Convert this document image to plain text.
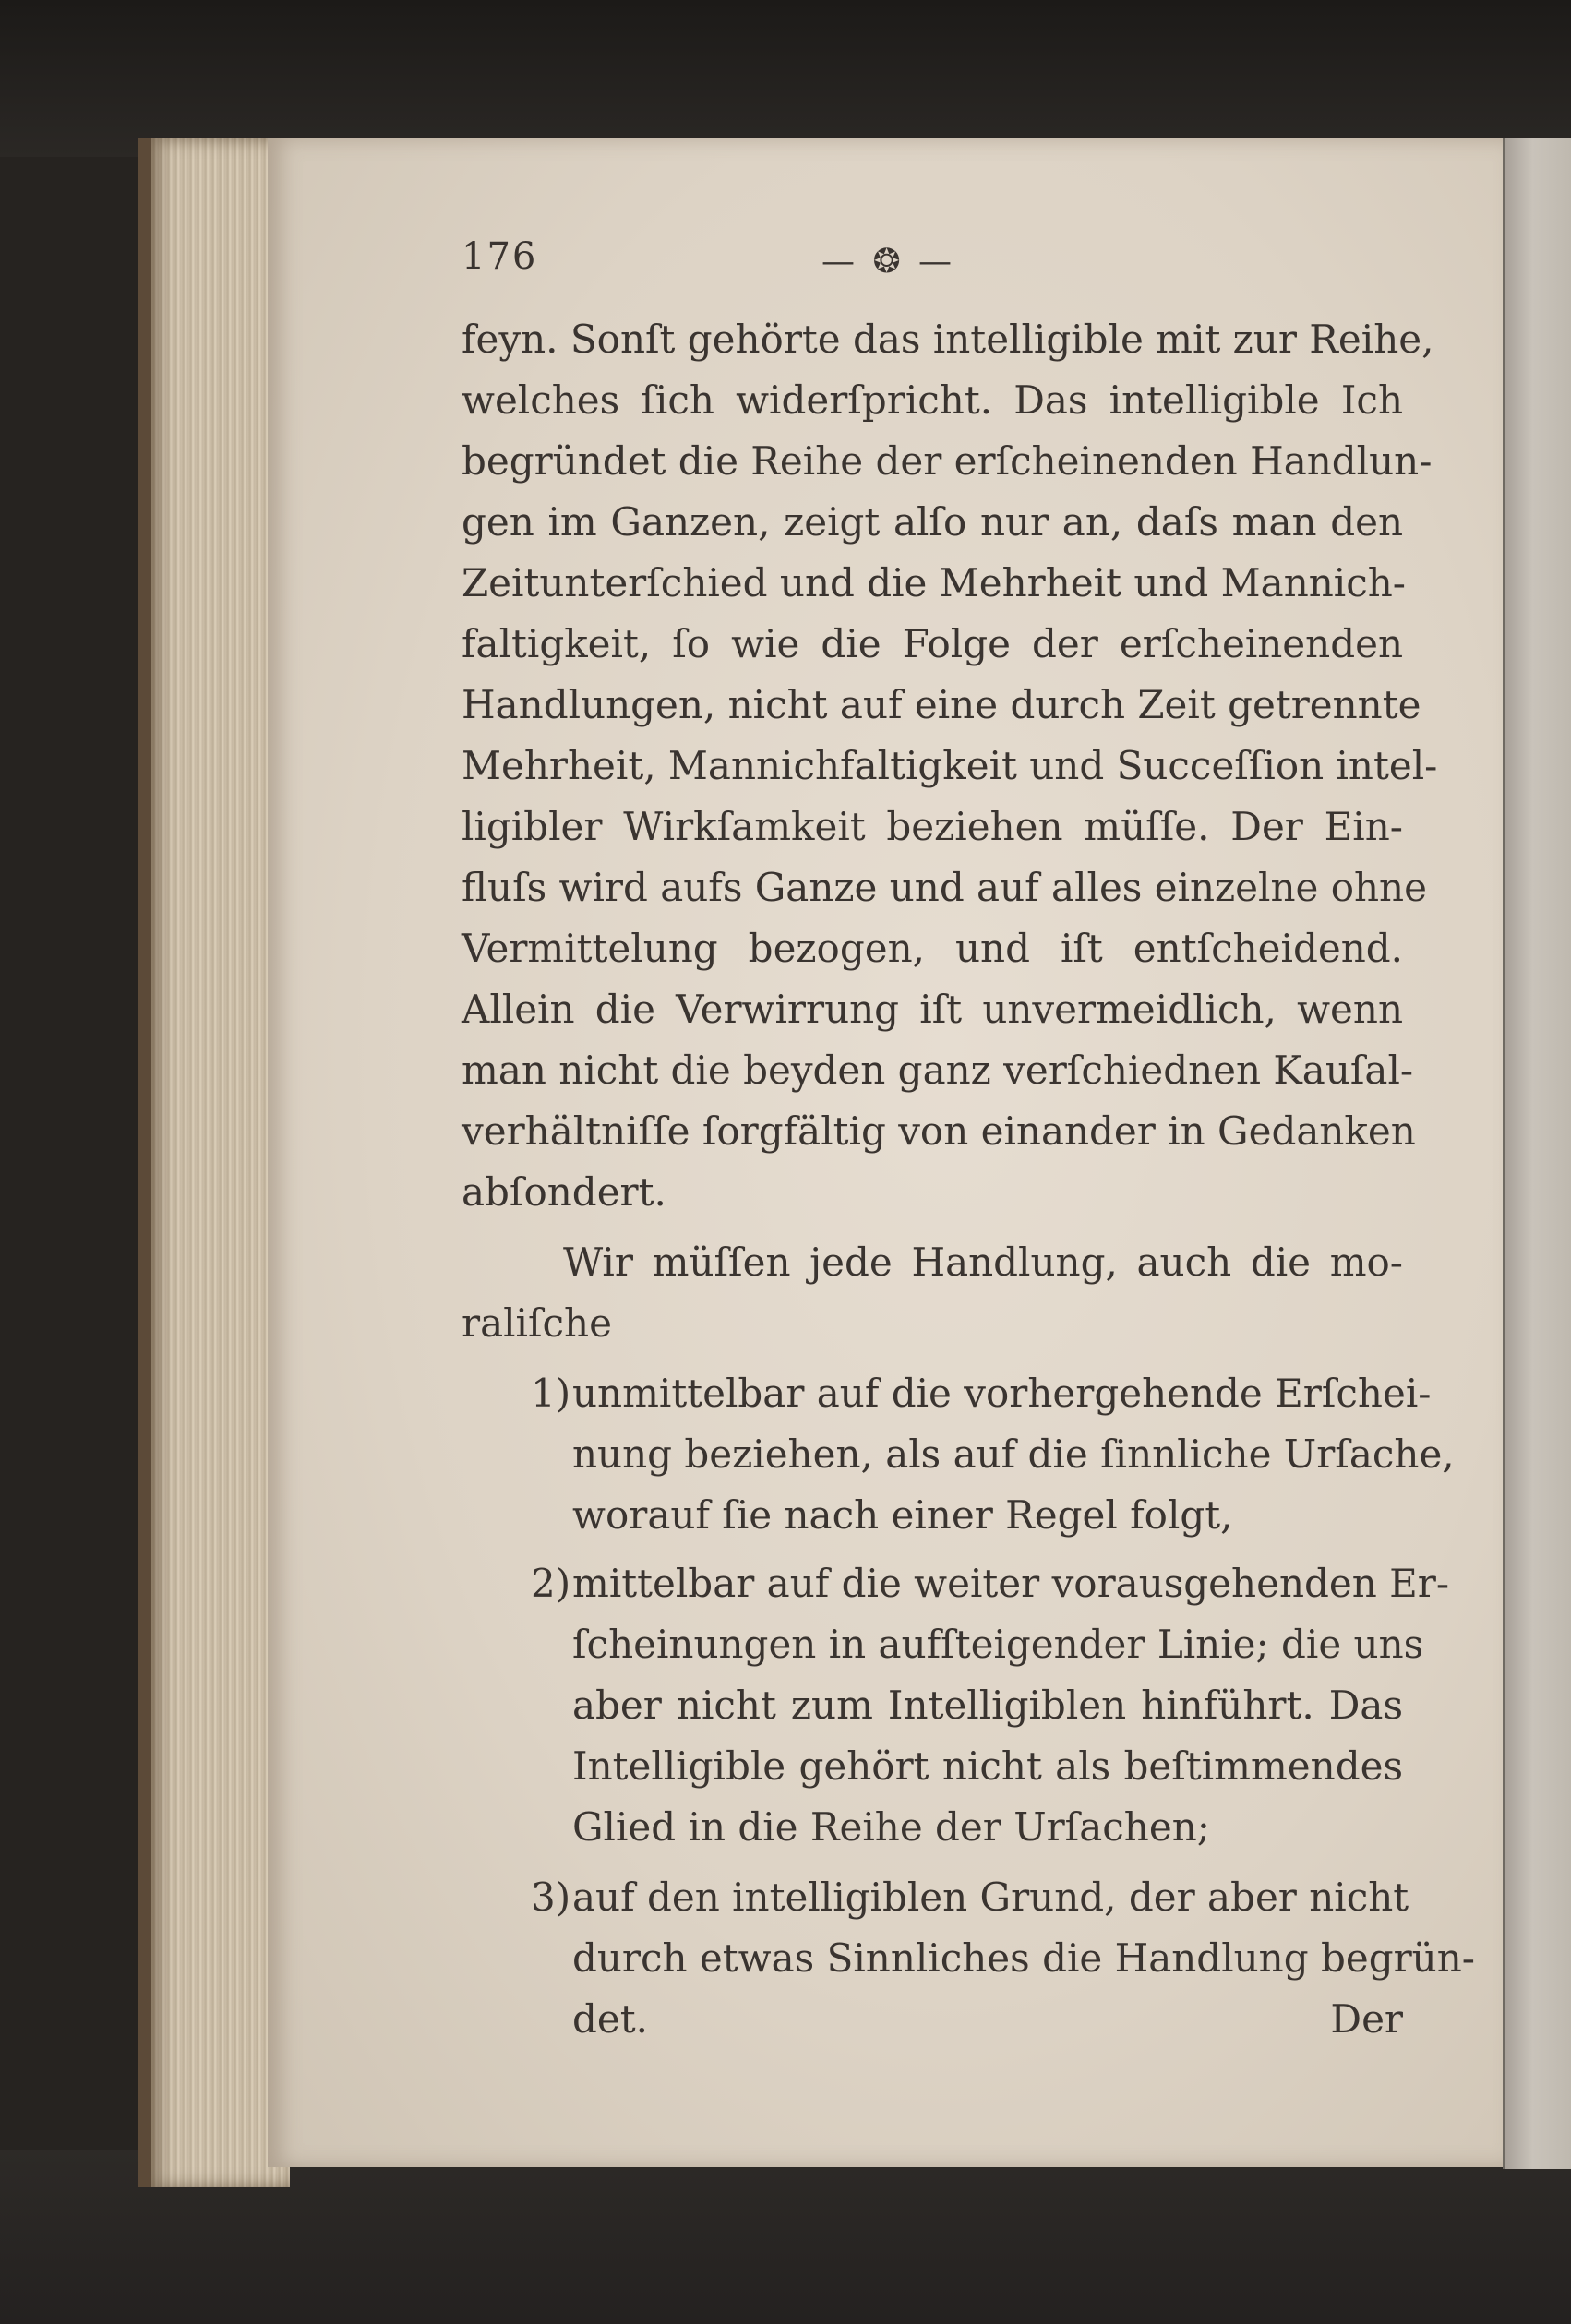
176	— ❂ —
feyn. Sonſt gehörte das intelligible mit zur Reihe,
welches ſich widerſpricht. Das intelligible Ich
begründet die Reihe der erſcheinenden Handlun-
gen im Ganzen, zeigt alſo nur an, daſs man den
Zeitunterſchied und die Mehrheit und Mannich-
faltigkeit, ſo wie die Folge der erſcheinenden
Handlungen, nicht auf eine durch Zeit getrennte
Mehrheit, Mannichfaltigkeit und Succeſſion intel-
ligibler Wirkſamkeit beziehen müſſe. Der Ein-
fluſs wird aufs Ganze und auf alles einzelne ohne
Vermittelung bezogen, und iſt entſcheidend.
Allein die Verwirrung iſt unvermeidlich, wenn
man nicht die beyden ganz verſchiednen Kauſal-
verhältniſſe ſorgfältig von einander in Gedanken
abſondert.
Wir müſſen jede Handlung, auch die mo-
raliſche
1) unmittelbar auf die vorhergehende Erſchei-
nung beziehen, als auf die ſinnliche Urſache,
worauf ſie nach einer Regel folgt,
2) mittelbar auf die weiter vorausgehenden Er-
ſcheinungen in aufſteigender Linie; die uns
aber nicht zum Intelligiblen hinführt. Das
Intelligible gehört nicht als beſtimmendes
Glied in die Reihe der Urſachen;
3) auf den intelligiblen Grund, der aber nicht
durch etwas Sinnliches die Handlung begrün-
det.	Der
